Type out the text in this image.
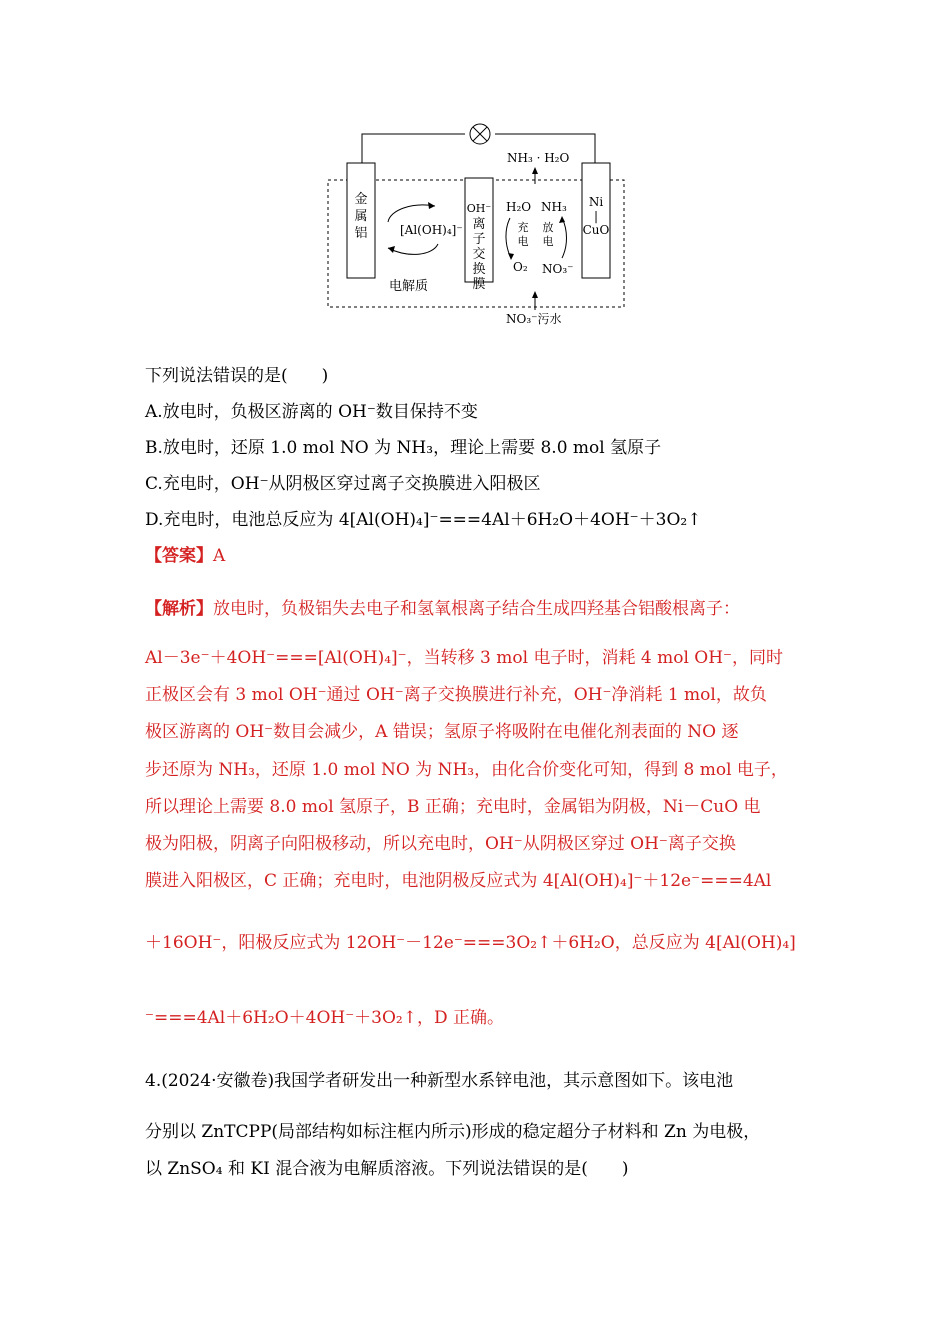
金
属
铝	[Al(OH)₄]⁻
电解质
OH⁻
离
子
交
换
膜
Ni
|
CuO
NH₃ · H₂O
H₂O NH₃
O₂ NO₃⁻
充
电
放
电
NO₃⁻污水
下列说法错误的是(　　)
A.放电时，负极区游离的 OH⁻数目保持不变
B.放电时，还原 1.0 mol NO 为 NH₃，理论上需要 8.0 mol 氢原子
C.充电时，OH⁻从阴极区穿过离子交换膜进入阳极区
D.充电时，电池总反应为 4[Al(OH)₄]⁻===4Al＋6H₂O＋4OH⁻＋3O₂↑
【答案】A
【解析】放电时，负极铝失去电子和氢氧根离子结合生成四羟基合铝酸根离子：
Al－3e⁻＋4OH⁻===[Al(OH)₄]⁻，当转移 3 mol 电子时，消耗 4 mol OH⁻，同时
正极区会有 3 mol OH⁻通过 OH⁻离子交换膜进行补充，OH⁻净消耗 1 mol，故负
极区游离的 OH⁻数目会减少，A 错误；氢原子将吸附在电催化剂表面的 NO 逐
步还原为 NH₃，还原 1.0 mol NO 为 NH₃，由化合价变化可知，得到 8 mol 电子，
所以理论上需要 8.0 mol 氢原子，B 正确；充电时，金属铝为阴极，Ni－CuO 电
极为阳极，阴离子向阳极移动，所以充电时，OH⁻从阴极区穿过 OH⁻离子交换
膜进入阳极区，C 正确；充电时，电池阴极反应式为 4[Al(OH)₄]⁻＋12e⁻===4Al
＋16OH⁻，阳极反应式为 12OH⁻－12e⁻===3O₂↑＋6H₂O，总反应为 4[Al(OH)₄]
⁻===4Al＋6H₂O＋4OH⁻＋3O₂↑，D 正确。
4.(2024·安徽卷)我国学者研发出一种新型水系锌电池，其示意图如下。该电池
分别以 ZnTCPP(局部结构如标注框内所示)形成的稳定超分子材料和 Zn 为电极，
以 ZnSO₄ 和 KI 混合液为电解质溶液。下列说法错误的是(　　)
